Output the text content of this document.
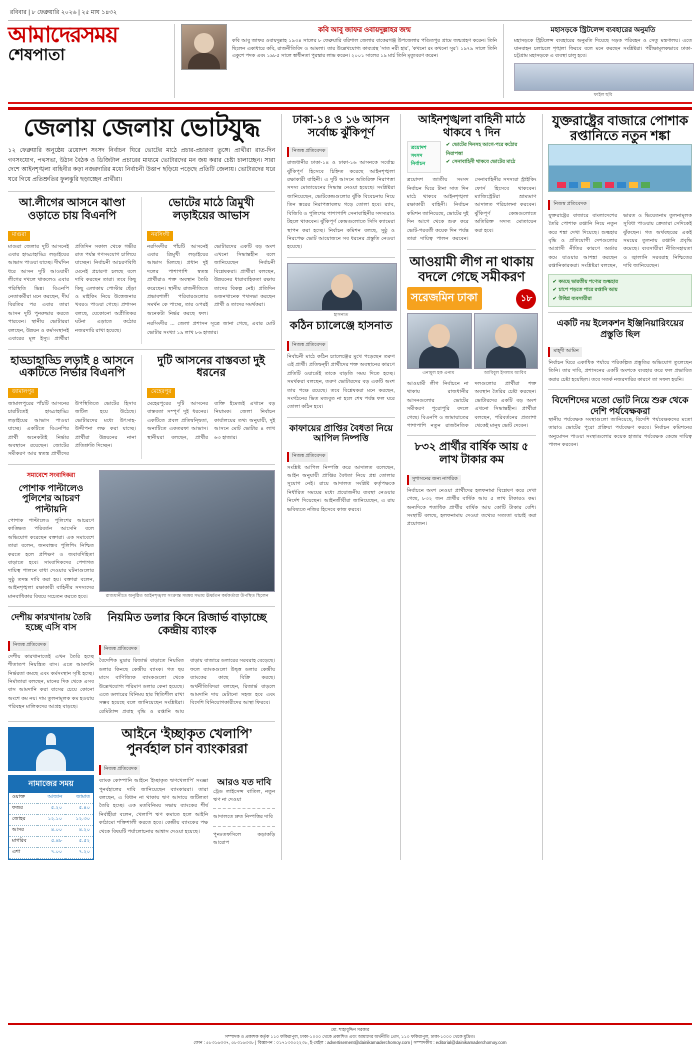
রবিবার | ৮ ফেব্রুয়ারি ২০২৬ | ২৫ মাঘ ১৪৩২
আমাদেরসময়
শেষপাতা
কবি আবু জাফর ওবায়দুল্লাহর জন্ম
কবি আবু জাফর ওবায়দুল্লাহ ১৯৩৪ সালের ৮ ফেব্রুয়ারি বরিশাল জেলার বাকেরগঞ্জ উপজেলার পণ্ডিতপুর গ্রামে জন্মগ্রহণ করেন। তিনি ছিলেন একাধারে কবি, রাজনীতিবিদ ও আমলা। তার উল্লেখযোগ্য কাব্যগ্রন্থ ‘সাত নরী হার’, ‘কখনো রং কখনো সুর’। ১৯৭৯ সালে তিনি একুশে পদক এবং ১৯৮৫ সালে স্বাধীনতা পুরস্কার লাভ করেন। ২০০১ সালের ১৯ মার্চ তিনি মৃত্যুবরণ করেন।
মহাসড়কে স্ট্রিটলেন্স ব্যবহারের অনুমতি
মহাসড়কে স্ট্রিটলেন্স ব্যবহারের অনুমতি দিয়েছে সড়ক পরিবহন ও সেতু মন্ত্রণালয়। এতে যানবাহন চলাচলে শৃঙ্খলা ফিরবে বলে মনে করছেন সংশ্লিষ্টরা। পরীক্ষামূলকভাবে ঢাকা-চট্টগ্রাম মহাসড়কে এ ব্যবস্থা চালু হবে।
ফাইল ছবি
জেলায় জেলায় ভোটযুদ্ধ
১২ ফেব্রুয়ারি অনুষ্ঠেয় ত্রয়োদশ সংসদ নির্বাচন ঘিরে ভোটের মাঠে প্রচার-প্রচারণা তুঙ্গে। প্রার্থীরা রাত-দিন গণসংযোগ, পথসভা, উঠান বৈঠক ও ডিজিটাল প্রচারের মাধ্যমে ভোটারদের মন জয় করার চেষ্টা চালাচ্ছেন। সারা দেশে আইনশৃঙ্খলা বাহিনীর কড়া নজরদারির মধ্যে নির্বাচনী উত্তাপ ছড়িয়ে পড়েছে প্রতিটি জেলায়। ভোটারদের ঘরে ঘরে গিয়ে প্রতিশ্রুতির ফুলঝুরি ছড়াচ্ছেন প্রার্থীরা।
আ.লীগের আসনে ঝাণ্ডা ওড়াতে চায় বিএনপি
মাগুরা
মাগুরা জেলার দুটি আসনেই এবার হাড্ডাহাড্ডি লড়াইয়ের আভাস পাওয়া যাচ্ছে। দীর্ঘদিন ধরে আসন দুটি আওয়ামী লীগের দখলে থাকলেও এবার পরিস্থিতি ভিন্ন। বিএনপি নেতাকর্মীরা মনে করছেন, দীর্ঘ বিরতির পর এবার তারা আসন দুটি পুনরুদ্ধার করতে পারবেন। স্থানীয় ভোটাররা বলছেন, উন্নয়ন ও কর্মসংস্থানই এবারের মূল ইস্যু। প্রার্থীরা প্রতিদিন সকাল থেকে গভীর রাত পর্যন্ত গণসংযোগ চালিয়ে যাচ্ছেন। নির্বাচনী আচরণবিধি মেনেই প্রচারণা চলছে বলে দাবি করছেন তারা। তবে কিছু কিছু এলাকায় পোস্টার ছেঁড়া ও মাইকিং নিয়ে উত্তেজনার খবরও পাওয়া গেছে। প্রশাসন বলছে, যেকোনো অপ্রীতিকর ঘটনা এড়াতে কঠোর নজরদারি রাখা হয়েছে।
ভোটের মাঠে ত্রিমুখী লড়াইয়ের আভাস
নরসিংদী
নরসিংদীর পাঁচটি আসনেই এবার ত্রিমুখী লড়াইয়ের আভাস মিলছে। প্রধান দুই দলের পাশাপাশি স্বতন্ত্র প্রার্থীরাও শক্ত অবস্থান তৈরি করেছেন। স্থানীয় রাজনীতিতে প্রভাবশালী পরিবারগুলোর সমর্থন কে পাচ্ছে, তার ওপরই অনেকটা নির্ভর করছে ফল। ভোটারদের একটি বড় অংশ এখনো সিদ্ধান্তহীন বলে জানিয়েছেন নির্বাচনী বিশ্লেষকরা। প্রার্থীরা বলছেন, উন্নয়নের ধারাবাহিকতা রক্ষায় তাদের বিকল্প নেই। প্রতিদিন ডজনখানেক পথসভা করছেন প্রার্থী ও তাদের সমর্থকরা।
নরসিংদীর ... জেলা প্রশাসন সূত্রে জানা গেছে, এবার মোট ভোটার সংখ্যা ১৯ লাখ ৮৬ হাজার।
হাড্ডাহাড্ডি লড়াই ৪ আসনে একটিতে নির্ভার বিএনপি
জামালপুর
জামালপুরের পাঁচটি আসনের চারটিতেই হাড্ডাহাড্ডি লড়াইয়ের আভাস পাওয়া যাচ্ছে। একটিতে বিএনপির প্রার্থী অনেকটাই নির্ভার অবস্থানে রয়েছেন। জোটের সমীকরণ আর স্বতন্ত্র প্রার্থীদের উপস্থিতিতে ভোটের হিসাব জটিল হয়ে উঠেছে। ভোটারদের মধ্যে উৎসাহ-উদ্দীপনা লক্ষ করা যাচ্ছে। প্রার্থীরা উন্নয়নের নানা প্রতিশ্রুতি দিচ্ছেন।
দুটি আসনের বাস্তবতা দুই ধরনের
মেহেরপুর
মেহেরপুরের দুটি আসনের বাস্তবতা সম্পূর্ণ দুই ধরনের। একটিতে প্রবল প্রতিদ্বন্দ্বিতা, অন্যটিতে একতরফা আভাস। স্থানীয়রা বলছেন, প্রার্থীর ব্যক্তি ইমেজই এখানে বড় নিয়ামক। জেলা নির্বাচন কার্যালয়ের তথ্য অনুযায়ী, দুই আসনে মোট ভোটার ৪ লাখ ৬৩ হাজার।
সমাবেশে সংবাদিকরা
পোশাক পাল্টালেও পুলিশের আচরণ পাল্টায়নি
পোশাক পাল্টালেও পুলিশের আচরণে কাঙ্ক্ষিত পরিবর্তন আসেনি বলে অভিযোগ করেছেন বক্তারা। এক সমাবেশে তারা বলেন, জনবান্ধব পুলিশিং নিশ্চিত করতে হলে প্রশিক্ষণ ও জবাবদিহিতা বাড়াতে হবে। সাংবাদিকদের পেশাগত দায়িত্ব পালনে বাধা দেওয়ার ঘটনাগুলোর সুষ্ঠু তদন্ত দাবি করা হয়। বক্তারা বলেন, আইনশৃঙ্খলা রক্ষাকারী বাহিনীর সদস্যদের মানবাধিকার বিষয়ে সচেতন করতে হবে।	রাজধানীতে অনুষ্ঠিত আইনশৃঙ্খলা সংক্রান্ত সমন্বয় সভায় ঊর্ধ্বতন কর্মকর্তারা উপস্থিত ছিলেন
দেশীয় কারখানায় তৈরি হচ্ছে এসি বাস
নিজস্ব প্রতিবেদক
দেশীয় কারখানাতেই এখন তৈরি হচ্ছে শীতাতপ নিয়ন্ত্রিত বাস। এতে আমদানি নির্ভরতা কমছে এবং কর্মসংস্থান সৃষ্টি হচ্ছে। নির্মাতারা বলছেন, মানের দিক থেকে এসব বাস আমদানি করা বাসের চেয়ে কোনো অংশে কম নয়। দাম তুলনামূলক কম হওয়ায় পরিবহন মালিকদের আগ্রহ বাড়ছে।
নিয়মিত ডলার কিনে রিজার্ভ বাড়াচ্ছে কেন্দ্রীয় ব্যাংক
নিজস্ব প্রতিবেদক
বৈদেশিক মুদ্রার রিজার্ভ বাড়াতে নিয়মিত ডলার কিনছে কেন্দ্রীয় ব্যাংক। গত ছয় মাসে বাণিজ্যিক ব্যাংকগুলো থেকে উল্লেখযোগ্য পরিমাণ ডলার কেনা হয়েছে। এতে ডলারের বিনিময় হার স্থিতিশীল রাখা সম্ভব হয়েছে বলে জানিয়েছেন সংশ্লিষ্টরা। রেমিট্যান্স প্রবাহ বৃদ্ধি ও রপ্তানি আয় বাড়ায় বাজারে ডলারের সরবরাহ বেড়েছে। ফলে ব্যাংকগুলো উদ্বৃত্ত ডলার কেন্দ্রীয় ব্যাংকের কাছে বিক্রি করছে। অর্থনীতিবিদরা বলছেন, রিজার্ভ বাড়লে আমদানি দায় মেটানো সহজ হবে এবং বিদেশি বিনিয়োগকারীদের আস্থা ফিরবে।
নামাজের সময়
ওয়াক্ত	আজান	জামাত
ফজর	৫.২০	৫.৪০
জোহর	১২.১০	১২.৩০
আসর	৪.০০	৪.২০
মাগরিব	৫.৪৮	৫.৫২
এশা	৭.০০	৭.২০
আইনে ‘ইচ্ছাকৃত খেলাপি’ পুনর্বহাল চান ব্যাংকাররা
নিজস্ব প্রতিবেদক
ব্যাংক কোম্পানি আইনে ‘ইচ্ছাকৃত ঋণখেলাপি’ সংজ্ঞা পুনর্বহালের দাবি জানিয়েছেন ব্যাংকাররা। তারা বলছেন, এ বিধান না থাকায় ঋণ আদায়ে জটিলতা তৈরি হচ্ছে। এক মতবিনিময় সভায় ব্যাংকের শীর্ষ নির্বাহীরা বলেন, খেলাপি ঋণ কমাতে হলে আইনি কাঠামো শক্তিশালী করতে হবে। কেন্দ্রীয় ব্যাংকের পক্ষ থেকে বিষয়টি পর্যালোচনার আশ্বাস দেওয়া হয়েছে।
আরও যত দাবি
ট্রেড লাইসেন্স বাতিল, নতুন ঋণ না দেওয়া
আদালতে দ্রুত নিষ্পত্তির দাবি
পুনঃতফসিলে কড়াকড়ি আরোপ
ঢাকা-১৪ ও ১৬ আসন সর্বোচ্চ ঝুঁকিপূর্ণ
নিজস্ব প্রতিবেদক
রাজধানীর ঢাকা-১৪ ও ঢাকা-১৬ আসনকে সর্বোচ্চ ঝুঁকিপূর্ণ হিসেবে চিহ্নিত করেছে আইনশৃঙ্খলা রক্ষাকারী বাহিনী। এ দুটি আসনে অতিরিক্ত নিরাপত্তা সদস্য মোতায়েনের সিদ্ধান্ত নেওয়া হয়েছে। সংশ্লিষ্টরা জানিয়েছেন, ভোটকেন্দ্রগুলোর ঝুঁকি বিবেচনায় নিয়ে তিন স্তরের নিরাপত্তাবলয় গড়ে তোলা হবে। র‍্যাব, বিজিবি ও পুলিশের পাশাপাশি সেনাবাহিনীর সদস্যরাও টহলে থাকবেন। ঝুঁকিপূর্ণ কেন্দ্রগুলোতে সিসি ক্যামেরা স্থাপন করা হচ্ছে। নির্বাচন কমিশন বলছে, সুষ্ঠু ও নিরপেক্ষ ভোট আয়োজনে সব ধরনের প্রস্তুতি নেওয়া হয়েছে।
হাসনাত
কঠিন চ্যালেঞ্জে হাসনাত
নিজস্ব প্রতিবেদক
নির্বাচনী মাঠে কঠিন চ্যালেঞ্জের মুখে পড়েছেন তরুণ এই প্রার্থী। প্রতিদ্বন্দ্বী প্রার্থীদের শক্ত অবস্থানের কারণে প্রতিটি ওয়ার্ডেই তাকে বাড়তি সময় দিতে হচ্ছে। সমর্থকরা বলছেন, তরুণ ভোটারদের বড় একটি অংশ তার পক্ষে রয়েছে। তবে বিশ্লেষকরা মনে করছেন, সংগঠনের ভিত মজবুত না হলে শেষ পর্যন্ত ফল ঘরে তোলা কঠিন হবে।
কাফায়ের প্রাপ্তির বৈধতা নিয়ে আপিল নিষ্পত্তি
নিজস্ব প্রতিবেদক
সংশ্লিষ্ট আপিল নিষ্পত্তি করে আদালত বলেছেন, আইন অনুযায়ী প্রাপ্তির বৈধতা নিয়ে প্রশ্ন তোলার সুযোগ নেই। রায়ে আদালত সংশ্লিষ্ট কর্তৃপক্ষকে নির্ধারিত সময়ের মধ্যে প্রয়োজনীয় ব্যবস্থা নেওয়ার নির্দেশ দিয়েছেন। আইনজীবীরা জানিয়েছেন, এ রায় ভবিষ্যতে নজির হিসেবে কাজ করবে।
আইনশৃঙ্খলা বাহিনী মাঠে থাকবে ৭ দিন
ত্রয়োদশ সংসদ নির্বাচন
✔ ভোটের দিনসহ আগে-পরে কঠোর নিরাপত্তা
✔ সেনাবাহিনী থাকবে ভোটের মাঠে
ত্রয়োদশ জাতীয় সংসদ নির্বাচন ঘিরে টানা সাত দিন মাঠে থাকবে আইনশৃঙ্খলা রক্ষাকারী বাহিনী। নির্বাচন কমিশন জানিয়েছে, ভোটের দুই দিন আগে থেকে শুরু করে ভোট-পরবর্তী কয়েক দিন পর্যন্ত তারা দায়িত্ব পালন করবেন। সেনাবাহিনীর সদস্যরা স্ট্রাইকিং ফোর্স হিসেবে থাকবেন। ম্যাজিস্ট্রেটরা ভ্রাম্যমাণ আদালত পরিচালনা করবেন। ঝুঁকিপূর্ণ কেন্দ্রগুলোতে অতিরিক্ত সদস্য মোতায়েন করা হবে।
আওয়ামী লীগ না থাকায় বদলে গেছে সমীকরণ
সরেজমিন ঢাকা	১৮
এনামুল হক এনাম	আবিবুল ইসলাম আবিব
আওয়ামী লীগ নির্বাচনে না থাকায় রাজধানীর আসনগুলোর ভোটের সমীকরণ পুরোপুরি বদলে গেছে। বিএনপি ও জামায়াতের পাশাপাশি নতুন রাজনৈতিক দলগুলোর প্রার্থীরা শক্ত অবস্থান তৈরির চেষ্টা করছেন। ভোটারদের একটি বড় অংশ এখনো সিদ্ধান্তহীন। প্রার্থীরা বলছেন, পরিবর্তনের প্রত্যাশা থেকেই মানুষ ভোট দেবেন।
৮৩২ প্রার্থীর বার্ষিক আয় ৫ লাখ টাকার কম
সুশাসনের জন্য নাগরিক
নির্বাচনে অংশ নেওয়া প্রার্থীদের হলফনামা বিশ্লেষণ করে দেখা গেছে, ৮৩২ জন প্রার্থীর বার্ষিক আয় ৫ লাখ টাকারও কম। অন্যদিকে শতাধিক প্রার্থীর বার্ষিক আয় কোটি টাকার বেশি। সংস্থাটি বলছে, হলফনামায় দেওয়া তথ্যের সত্যতা যাচাই করা প্রয়োজন।
যুক্তরাষ্ট্রের বাজারে পোশাক রপ্তানিতে নতুন শঙ্কা
নিজস্ব প্রতিবেদক
যুক্তরাষ্ট্রের বাজারে বাংলাদেশের তৈরি পোশাক রপ্তানি নিয়ে নতুন করে শঙ্কা দেখা দিয়েছে। শুল্কহার বৃদ্ধি ও প্রতিযোগী দেশগুলোর আগ্রাসী নীতির কারণে অর্ডার কমে যাওয়ার আশঙ্কা করছেন রপ্তানিকারকরা। সংশ্লিষ্টরা বলছেন, ভারত ও ভিয়েতনাম তুলনামূলক সুবিধা পাওয়ায় ক্রেতারা সেদিকেই ঝুঁকছেন। গত অর্থবছরের একই সময়ের তুলনায় রপ্তানি প্রবৃদ্ধি কমেছে। ব্যবসায়ীরা নীতিসহায়তা ও জ্বালানি সরবরাহ নিশ্চিতের দাবি জানিয়েছেন।
✔ কমছে ভারতীয় পণ্যের শুল্কহার
✔ চাপে পড়তে পারে রপ্তানি আয়
✔ উদ্বিগ্ন ব্যবসায়ীরা
একটি নয় ইলেকশন ইঞ্জিনিয়ারিংয়ের প্রস্তুতি ছিল
মাহ্‌দী আমিন
নির্বাচন ঘিরে একাধিক পর্যায়ে পরিকল্পিত প্রস্তুতির অভিযোগ তুলেছেন তিনি। তার দাবি, প্রশাসনের একটি অংশকে ব্যবহার করে ফল প্রভাবিত করার চেষ্টা হয়েছিল। তবে সতর্ক নজরদারির কারণে তা সফল হয়নি।
বিদেশিদের মতো ভোট নিয়ে শুরু থেকে দেশি পর্যবেক্ষকরা
স্থানীয় পর্যবেক্ষক সংস্থাগুলো জানিয়েছে, বিদেশি পর্যবেক্ষকদের মতো তারাও ভোটের পুরো প্রক্রিয়া পর্যবেক্ষণ করবে। নির্বাচন কমিশনের অনুমোদন পাওয়া সংস্থাগুলোর কয়েক হাজার পর্যবেক্ষক কেন্দ্রে দায়িত্ব পালন করবেন।
মো. শাহাবুদ্দিন সরকার
সম্পাদক ও প্রকাশক কর্তৃক ১১০ ফকিরাপুল, ঢাকা-১০০০ থেকে প্রকাশিত এবং আমাদের অর্থনীতি প্রেস, ১১০ ফকিরাপুল, ঢাকা-১০০০ থেকে মুদ্রিত।
ফোন : ৫৮৩১৬৩৩৭, ৫৮৩১৬৩৩৮ | বিজ্ঞাপন : ০১৭১৩০৫২২৩৮, ই-মেইল : advertisement@dainikamaderchomoy.com | সম্পাদকীয় : editorial@dainikamaderchomoy.com
